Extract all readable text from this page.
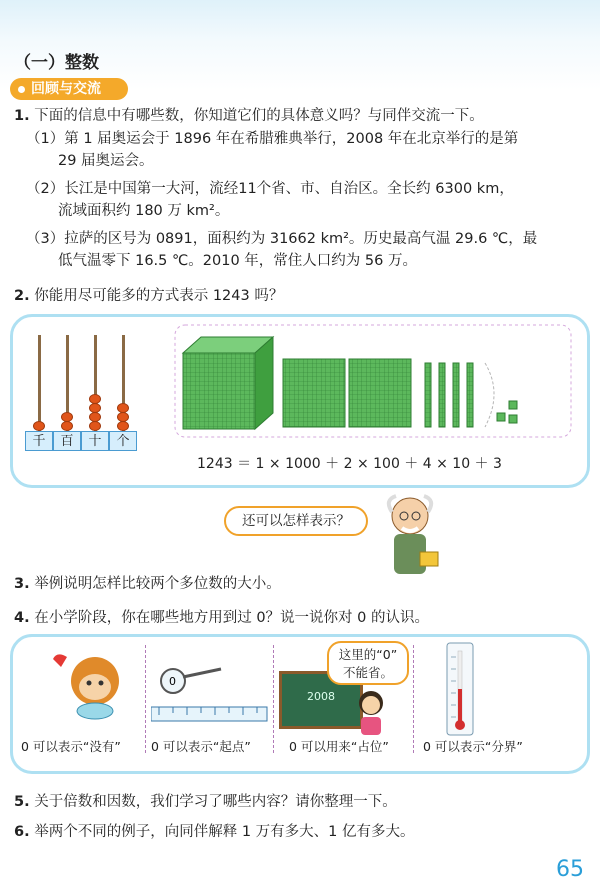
（一）整数
回顾与交流
1. 下面的信息中有哪些数，你知道它们的具体意义吗？与同伴交流一下。
（1）第 1 届奥运会于 1896 年在希腊雅典举行，2008 年在北京举行的是第
29 届奥运会。
（2）长江是中国第一大河，流经11个省、市、自治区。全长约 6300 km，
流域面积约 180 万 km²。
（3）拉萨的区号为 0891，面积约为 31662 km²。历史最高气温 29.6 ℃，最
低气温零下 16.5 ℃。2010 年，常住人口约为 56 万。
2. 你能用尽可能多的方式表示 1243 吗？
千	百	十	个
1243 ＝ 1 × 1000 ＋ 2 × 100 ＋ 4 × 10 ＋ 3
还可以怎样表示？
3. 举例说明怎样比较两个多位数的大小。
4. 在小学阶段，你在哪些地方用到过 0？说一说你对 0 的认识。
0
2008
这里的“0”
不能省。
0 可以表示“没有” 0 可以表示“起点”	0 可以用来“占位”	0 可以表示“分界”
5. 关于倍数和因数，我们学习了哪些内容？请你整理一下。
6. 举两个不同的例子，向同伴解释 1 万有多大、1 亿有多大。
65
